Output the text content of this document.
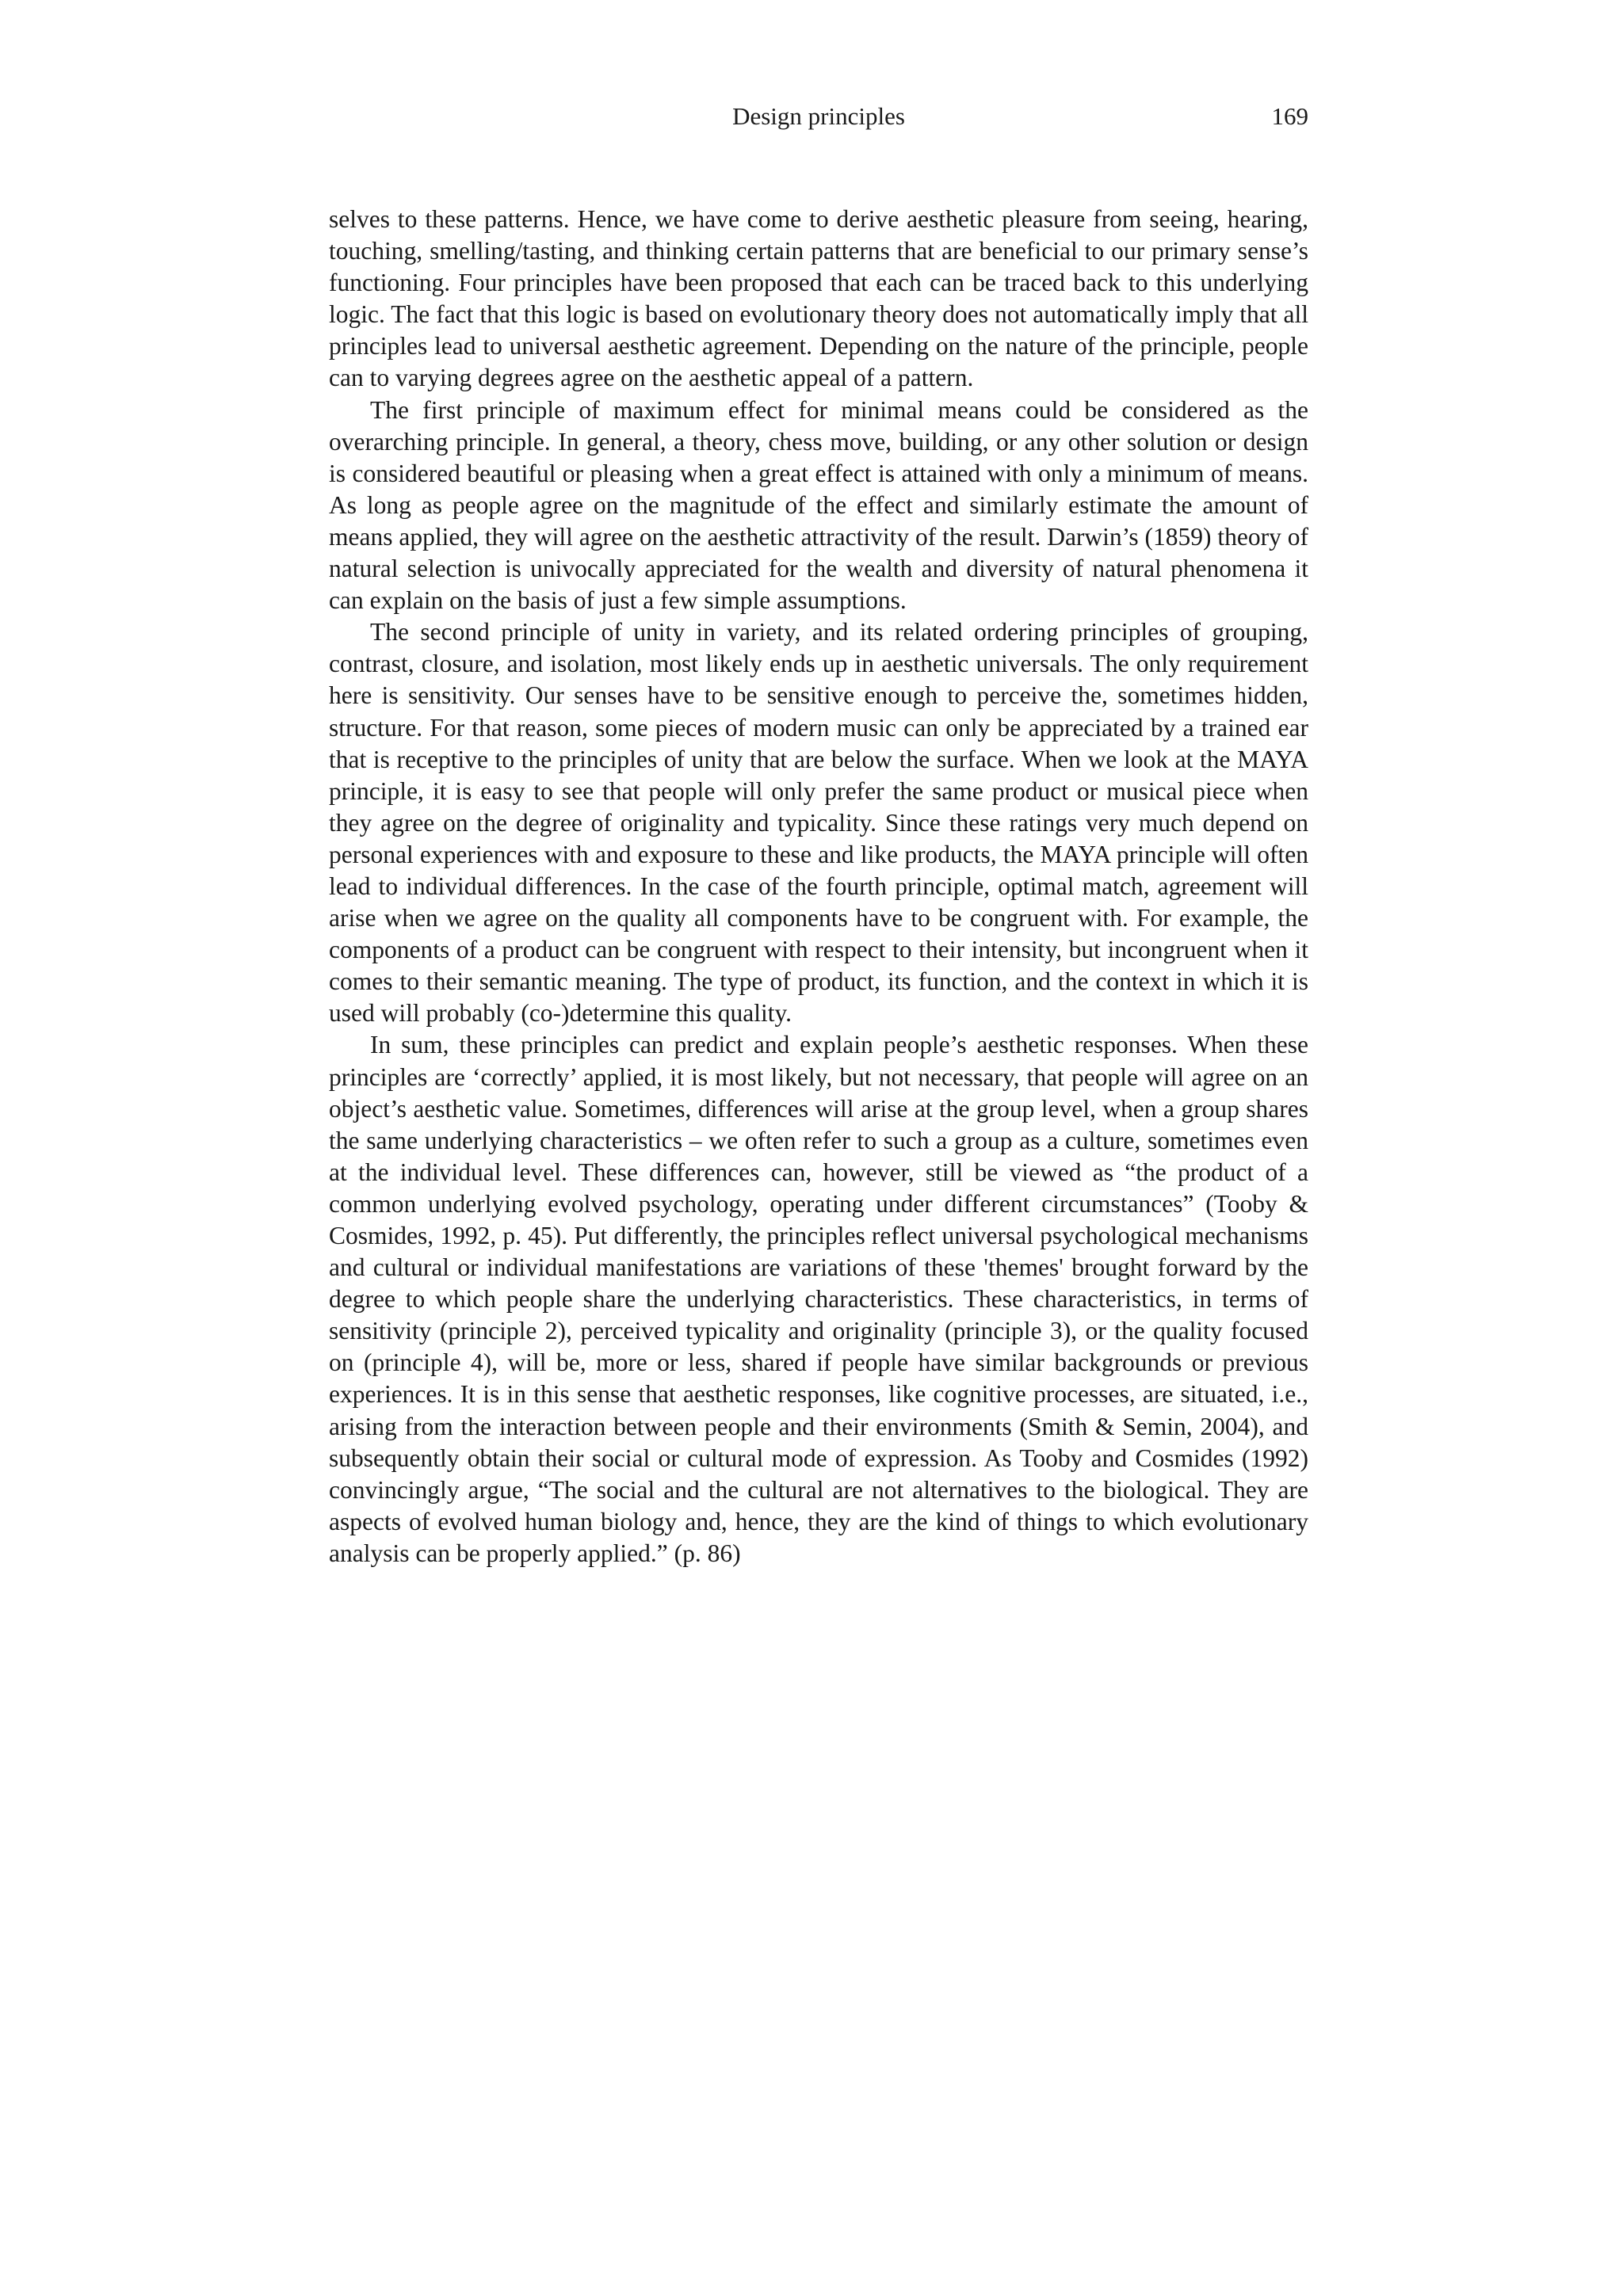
Design principles	169

selves to these patterns. Hence, we have come to derive aesthetic pleasure from seeing, hearing, touching, smelling/tasting, and thinking certain patterns that are beneficial to our primary sense’s functioning. Four principles have been proposed that each can be traced back to this underlying logic. The fact that this logic is based on evolutionary theory does not automatically imply that all principles lead to universal aesthetic agreement. Depending on the nature of the principle, people can to varying degrees agree on the aesthetic appeal of a pattern.

The first principle of maximum effect for minimal means could be considered as the overarching principle. In general, a theory, chess move, building, or any other solution or design is considered beautiful or pleasing when a great effect is attained with only a minimum of means. As long as people agree on the magnitude of the effect and similarly estimate the amount of means applied, they will agree on the aesthetic attractivity of the result. Darwin’s (1859) theory of natural selection is univocally appreciated for the wealth and diversity of natural phenomena it can explain on the basis of just a few simple assumptions.

The second principle of unity in variety, and its related ordering principles of grouping, contrast, closure, and isolation, most likely ends up in aesthetic universals. The only requirement here is sensitivity. Our senses have to be sensitive enough to perceive the, sometimes hidden, structure. For that reason, some pieces of modern music can only be appreciated by a trained ear that is receptive to the principles of unity that are below the surface. When we look at the MAYA principle, it is easy to see that people will only prefer the same product or musical piece when they agree on the degree of originality and typicality. Since these ratings very much depend on personal experiences with and exposure to these and like products, the MAYA principle will often lead to individual differences. In the case of the fourth principle, optimal match, agreement will arise when we agree on the quality all components have to be congruent with. For example, the components of a product can be congruent with respect to their intensity, but incongruent when it comes to their semantic meaning. The type of product, its function, and the context in which it is used will probably (co-)determine this quality.

In sum, these principles can predict and explain people’s aesthetic responses. When these principles are ‘correctly’ applied, it is most likely, but not necessary, that people will agree on an object’s aesthetic value. Sometimes, differences will arise at the group level, when a group shares the same underlying characteristics – we often refer to such a group as a culture, sometimes even at the individual level. These differences can, however, still be viewed as “the product of a common underlying evolved psychology, operating under different circumstances” (Tooby & Cosmides, 1992, p. 45). Put differently, the principles reflect universal psychological mechanisms and cultural or individual manifestations are variations of these 'themes' brought forward by the degree to which people share the underlying characteristics. These characteristics, in terms of sensitivity (principle 2), perceived typicality and originality (principle 3), or the quality focused on (principle 4), will be, more or less, shared if people have similar backgrounds or previous experiences. It is in this sense that aesthetic responses, like cognitive processes, are situated, i.e., arising from the interaction between people and their environments (Smith & Semin, 2004), and subsequently obtain their social or cultural mode of expression. As Tooby and Cosmides (1992) convincingly argue, “The social and the cultural are not alternatives to the biological. They are aspects of evolved human biology and, hence, they are the kind of things to which evolutionary analysis can be properly applied.” (p. 86)
